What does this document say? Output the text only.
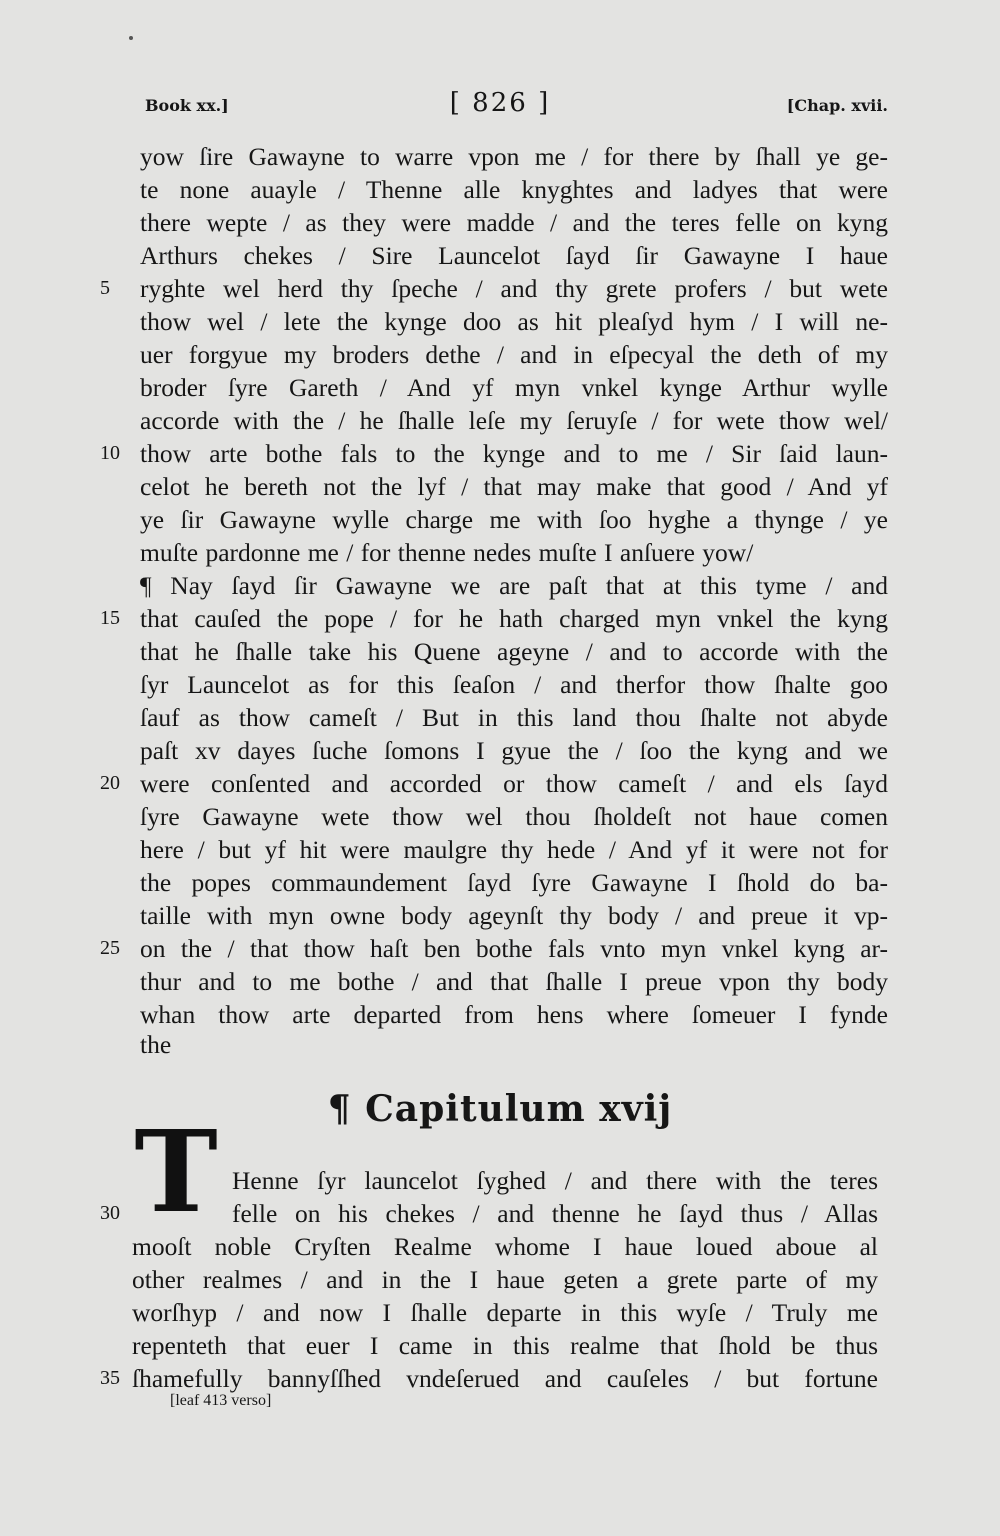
Book xx.]	[ 826 ]	[Chap. xvii.
yow ſire Gawayne to warre vpon me / for there by ſhall ye ge-
te none auayle / Thenne alle knyghtes and ladyes that were
there wepte / as they were madde / and the teres felle on kyng
Arthurs chekes / Sire Launcelot ſayd ſir Gawayne I haue
5	ryghte wel herd thy ſpeche / and thy grete profers / but wete
thow wel / lete the kynge doo as hit pleaſyd hym / I will ne-
uer forgyue my broders dethe / and in eſpecyal the deth of my
broder ſyre Gareth / And yf myn vnkel kynge Arthur wylle
accorde with the / he ſhalle leſe my ſeruyſe / for wete thow wel/
10 thow arte bothe fals to the kynge and to me / Sir ſaid laun-
celot he bereth not the lyf / that may make that good / And yf
ye ſir Gawayne wylle charge me with ſoo hyghe a thynge / ye
muſte pardonne me / for thenne nedes muſte I anſuere yow/
¶ Nay ſayd ſir Gawayne we are paſt that at this tyme / and
15 that cauſed the pope / for he hath charged myn vnkel the kyng
that he ſhalle take his Quene ageyne / and to accorde with the
ſyr Launcelot as for this ſeaſon / and therfor thow ſhalte goo
ſauf as thow cameſt / But in this land thou ſhalte not abyde
paſt xv dayes ſuche ſomons I gyue the / ſoo the kyng and we
20 were conſented and accorded or thow cameſt / and els ſayd
ſyre Gawayne wete thow wel thou ſholdeſt not haue comen
here / but yf hit were maulgre thy hede / And yf it were not for
the popes commaundement ſayd ſyre Gawayne I ſhold do ba-
taille with myn owne body ageynſt thy body / and preue it vp-
25 on the / that thow haſt ben bothe fals vnto myn vnkel kyng ar-
thur and to me bothe / and that ſhalle I preue vpon thy body
whan thow arte departed from hens where ſomeuer I fynde
the
¶ Capitulum xvij
T Henne ſyr launcelot ſyghed / and there with the teres
30	felle on his chekes / and thenne he ſayd thus / Allas
mooſt noble Cryſten Realme whome I haue loued aboue al
other realmes / and in the I haue geten a grete parte of my
worſhyp / and now I ſhalle departe in this wyſe / Truly me
repenteth that euer I came in this realme that ſhold be thus
35 ſhamefully bannyſſhed vndeſerued and cauſeles / but fortune
[leaf 413 verso]
